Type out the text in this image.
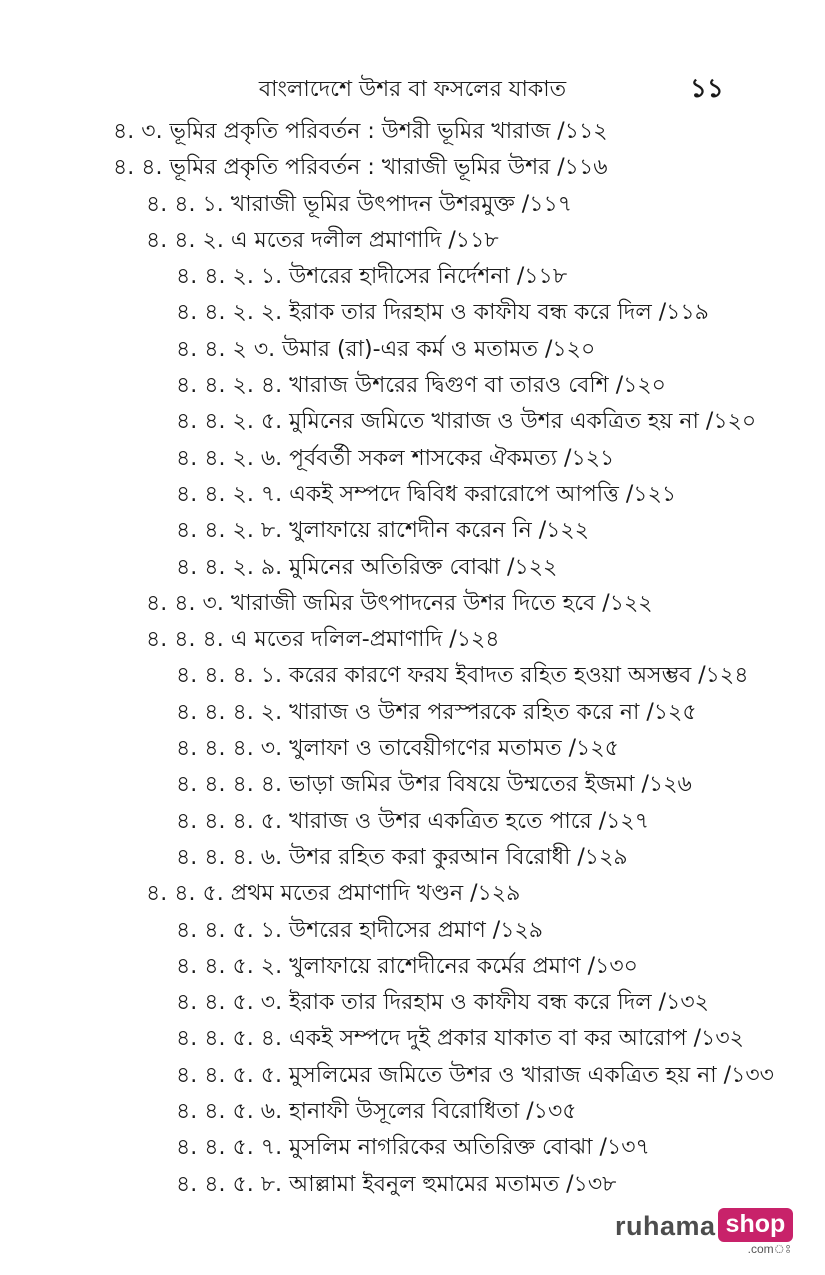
বাংলাদেশে উশর বা ফসলের যাকাত	১১
৪. ৩. ভূমির প্রকৃতি পরিবর্তন : উশরী ভূমির খারাজ /১১২
৪. ৪. ভূমির প্রকৃতি পরিবর্তন : খারাজী ভূমির উশর /১১৬
৪. ৪. ১. খারাজী ভূমির উৎপাদন উশরমুক্ত /১১৭
৪. ৪. ২. এ মতের দলীল প্রমাণাদি /১১৮
৪. ৪. ২. ১. উশরের হাদীসের নির্দেশনা /১১৮
৪. ৪. ২. ২. ইরাক তার দিরহাম ও কাফীয বন্ধ করে দিল /১১৯
৪. ৪. ২ ৩. উমার (রা)-এর কর্ম ও মতামত /১২০
৪. ৪. ২. ৪. খারাজ উশরের দ্বিগুণ বা তারও বেশি /১২০
৪. ৪. ২. ৫. মুমিনের জমিতে খারাজ ও উশর একত্রিত হয় না /১২০
৪. ৪. ২. ৬. পূর্ববর্তী সকল শাসকের ঐকমত্য /১২১
৪. ৪. ২. ৭. একই সম্পদে দ্বিবিধ করারোপে আপত্তি /১২১
৪. ৪. ২. ৮. খুলাফায়ে রাশেদীন করেন নি /১২২
৪. ৪. ২. ৯. মুমিনের অতিরিক্ত বোঝা /১২২
৪. ৪. ৩. খারাজী জমির উৎপাদনের উশর দিতে হবে /১২২
৪. ৪. ৪. এ মতের দলিল-প্রমাণাদি /১২৪
৪. ৪. ৪. ১. করের কারণে ফরয ইবাদত রহিত হওয়া অসম্ভব /১২৪
৪. ৪. ৪. ২. খারাজ ও উশর পরস্পরকে রহিত করে না /১২৫
৪. ৪. ৪. ৩. খুলাফা ও তাবেয়ীগণের মতামত /১২৫
৪. ৪. ৪. ৪. ভাড়া জমির উশর বিষয়ে উম্মতের ইজমা /১২৬
৪. ৪. ৪. ৫. খারাজ ও উশর একত্রিত হতে পারে /১২৭
৪. ৪. ৪. ৬. উশর রহিত করা কুরআন বিরোধী /১২৯
৪. ৪. ৫. প্রথম মতের প্রমাণাদি খণ্ডন /১২৯
৪. ৪. ৫. ১. উশরের হাদীসের প্রমাণ /১২৯
৪. ৪. ৫. ২. খুলাফায়ে রাশেদীনের কর্মের প্রমাণ /১৩০
৪. ৪. ৫. ৩. ইরাক তার দিরহাম ও কাফীয বন্ধ করে দিল /১৩২
৪. ৪. ৫. ৪. একই সম্পদে দুই প্রকার যাকাত বা কর আরোপ /১৩২
৪. ৪. ৫. ৫. মুসলিমের জমিতে উশর ও খারাজ একত্রিত হয় না /১৩৩
৪. ৪. ৫. ৬. হানাফী উসূলের বিরোধিতা /১৩৫
৪. ৪. ৫. ৭. মুসলিম নাগরিকের অতিরিক্ত বোঝা /১৩৭
৪. ৪. ৫. ৮. আল্লামা ইবনুল হুমামের মতামত /১৩৮
ruhama shop
.comঃ
